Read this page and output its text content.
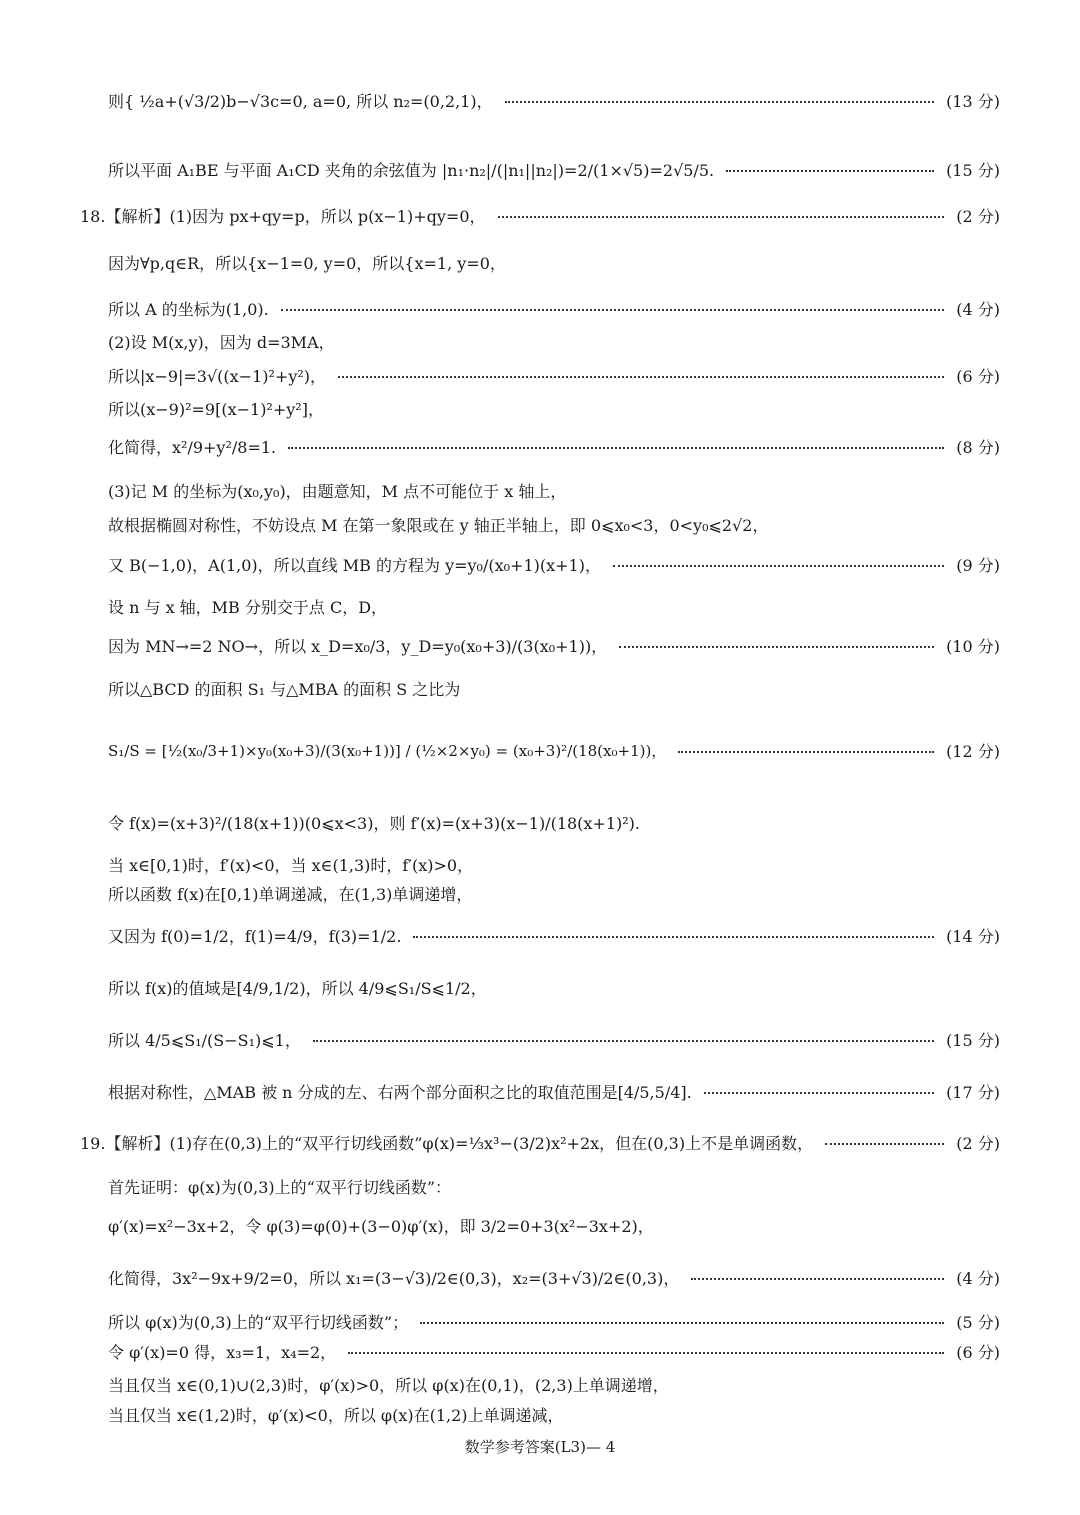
则{ ½a+(√3/2)b−√3c=0, a=0, 所以 n₂=(0,2,1)，	(13 分)
所以平面 A₁BE 与平面 A₁CD 夹角的余弦值为 |n₁·n₂|/(|n₁||n₂|)=2/(1×√5)=2√5/5.	(15 分)
18.【解析】(1)因为 px+qy=p，所以 p(x−1)+qy=0，	(2 分)
因为∀p,q∈R，所以{x−1=0, y=0，所以{x=1, y=0，
所以 A 的坐标为(1,0).	(4 分)
(2)设 M(x,y)，因为 d=3MA，
所以|x−9|=3√((x−1)²+y²)，	(6 分)
所以(x−9)²=9[(x−1)²+y²]，
化简得，x²/9+y²/8=1.	(8 分)
(3)记 M 的坐标为(x₀,y₀)，由题意知，M 点不可能位于 x 轴上，
故根据椭圆对称性，不妨设点 M 在第一象限或在 y 轴正半轴上，即 0⩽x₀<3，0<y₀⩽2√2，
又 B(−1,0)，A(1,0)，所以直线 MB 的方程为 y=y₀/(x₀+1)(x+1)，	(9 分)
设 n 与 x 轴，MB 分别交于点 C，D，
因为 MN→=2 NO→，所以 x_D=x₀/3，y_D=y₀(x₀+3)/(3(x₀+1))，	(10 分)
所以△BCD 的面积 S₁ 与△MBA 的面积 S 之比为
S₁/S = [½(x₀/3+1)×y₀(x₀+3)/(3(x₀+1))] / (½×2×y₀) = (x₀+3)²/(18(x₀+1))，	(12 分)
令 f(x)=(x+3)²/(18(x+1))(0⩽x<3)，则 f′(x)=(x+3)(x−1)/(18(x+1)²).
当 x∈[0,1)时，f′(x)<0，当 x∈(1,3)时，f′(x)>0，
所以函数 f(x)在[0,1)单调递减，在(1,3)单调递增，
又因为 f(0)=1/2，f(1)=4/9，f(3)=1/2.	(14 分)
所以 f(x)的值域是[4/9,1/2)，所以 4/9⩽S₁/S⩽1/2，
所以 4/5⩽S₁/(S−S₁)⩽1，	(15 分)
根据对称性，△MAB 被 n 分成的左、右两个部分面积之比的取值范围是[4/5,5/4].	(17 分)
19.【解析】(1)存在(0,3)上的“双平行切线函数”φ(x)=⅓x³−(3/2)x²+2x，但在(0,3)上不是单调函数，	(2 分)
首先证明：φ(x)为(0,3)上的“双平行切线函数”：
φ′(x)=x²−3x+2，令 φ(3)=φ(0)+(3−0)φ′(x)，即 3/2=0+3(x²−3x+2)，
化简得，3x²−9x+9/2=0，所以 x₁=(3−√3)/2∈(0,3)，x₂=(3+√3)/2∈(0,3)，	(4 分)
所以 φ(x)为(0,3)上的“双平行切线函数”；	(5 分)
令 φ′(x)=0 得，x₃=1，x₄=2，	(6 分)
当且仅当 x∈(0,1)∪(2,3)时，φ′(x)>0，所以 φ(x)在(0,1)，(2,3)上单调递增，
当且仅当 x∈(1,2)时，φ′(x)<0，所以 φ(x)在(1,2)上单调递减，
数学参考答案(L3)— 4
